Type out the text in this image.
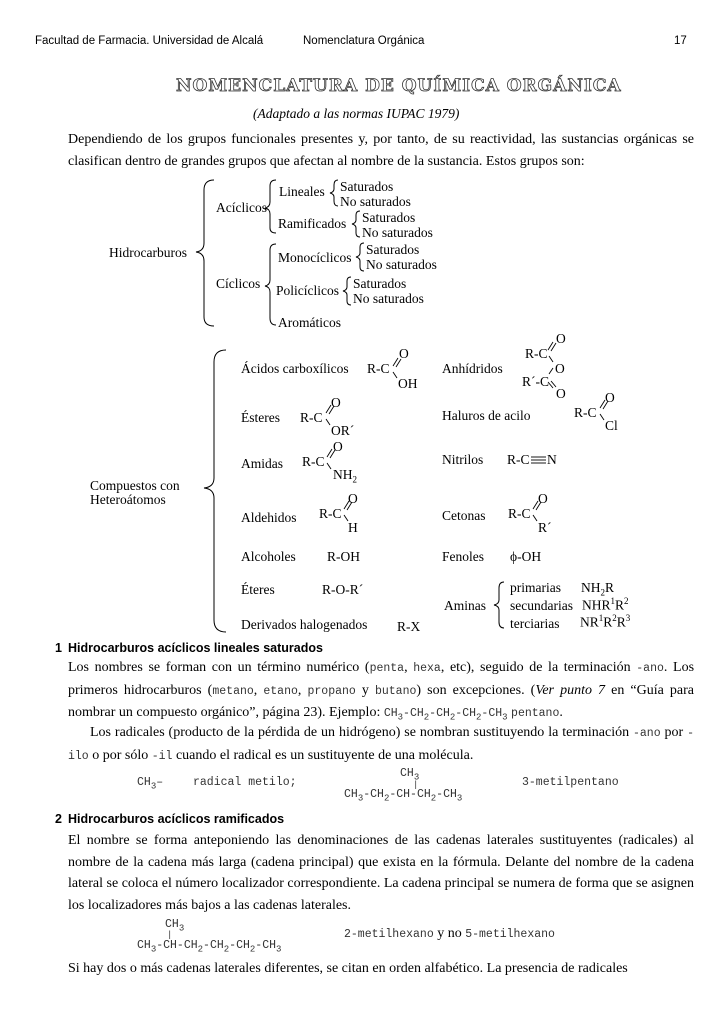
Facultad de Farmacia. Universidad de Alcalá	Nomenclatura Orgánica	17
NOMENCLATURA DE QUÍMICA ORGÁNICA
(Adaptado a las normas IUPAC 1979)
Dependiendo de los grupos funcionales presentes y, por tanto, de su reactividad, las sustancias orgánicas se clasifican dentro de grandes grupos que afectan al nombre de la sustancia. Estos grupos son:
Hidrocarburos
Acíclicos
Lineales Saturados
No saturados
Ramificados Saturados
No saturados
Cíclicos
Monocíclicos
Saturados
No saturados
Policíclicos Saturados
No saturados
Aromáticos
Compuestos con
Heteroátomos
Ácidos carboxílicos R-C
O
OH
Anhídridos
O
R-C
O
R´-C
O
Ésteres R-C
O
OR´
Haluros de acilo	R-C
O
Cl
Amidas R-C
O
$NH_2$
Nitrilos R-C N
Aldehidos R-C
O
H
Cetonas R-C
O
R´
Alcoholes R-OH	Fenoles ϕ-OH
Éteres	R-O-R´
Aminas
primarias $NH_2R$
secundarias $NHR^1R^2$
terciarias $NR^1R^2R^3$
Derivados halogenados R-X
1 Hidrocarburos acíclicos lineales saturados
Los nombres se forman con un término numérico (penta, hexa, etc), seguido de la terminación -ano. Los primeros hidrocarburos (metano, etano, propano y butano) son excepciones. (Ver punto 7 en “Guía para nombrar un compuesto orgánico”, página 23). Ejemplo: $CH_3-CH_2-CH_2-CH_2-CH_3$ pentano.
Los radicales (producto de la pérdida de un hidrógeno) se nombran sustituyendo la terminación -ano por -ilo o por sólo -il cuando el radical es un sustituyente de una molécula.
$CH_3-$	radical metilo;
$CH_3$
|
$CH_3-CH_2-CH-CH_2-CH_3$
3-metilpentano
2 Hidrocarburos acíclicos ramificados
El nombre se forma anteponiendo las denominaciones de las cadenas laterales sustituyentes (radicales) al nombre de la cadena más larga (cadena principal) que exista en la fórmula. Delante del nombre de la cadena lateral se coloca el número localizador correspondiente. La cadena principal se numera de forma que se asignen los localizadores más bajos a las cadenas laterales.
$CH_3$
|
$CH_3-CH-CH_2-CH_2-CH_2-CH_3$
2-metilhexano y no 5-metilhexano
Si hay dos o más cadenas laterales diferentes, se citan en orden alfabético. La presencia de radicales
